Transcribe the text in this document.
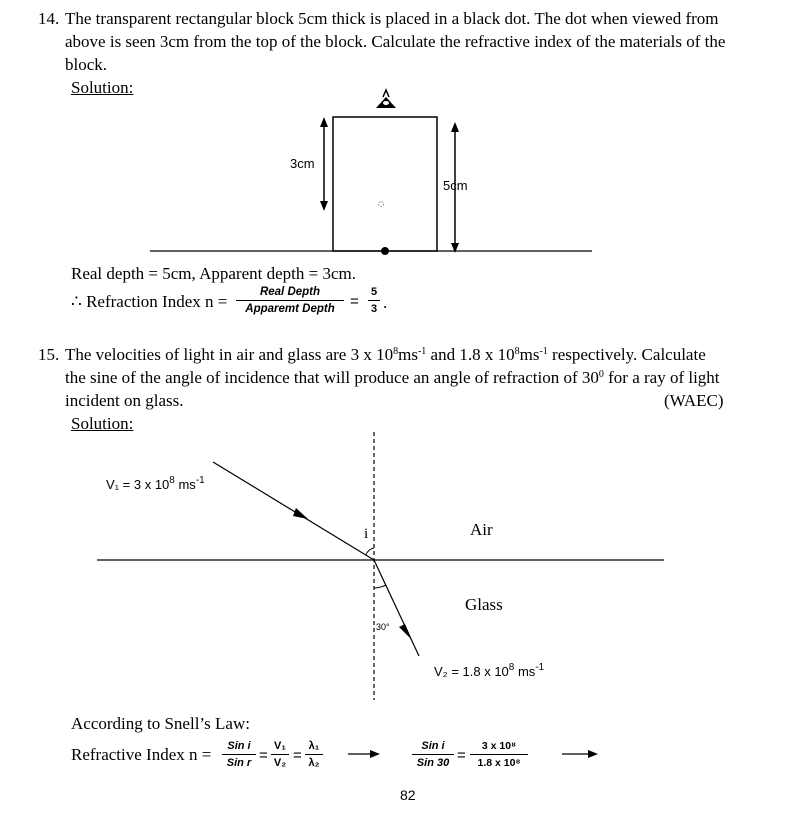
14. The transparent rectangular block 5cm thick is placed in a black dot. The dot when viewed from
above is seen 3cm from the top of the block. Calculate the refractive index of the materials of the
block.
Solution:
3cm
5cm
Real depth = 5cm, Apparent depth = 3cm.
∴ Refraction Index n =	Real Depth
Apparemt Depth	=
5
3 .
15. The velocities of light in air and glass are 3 x $10^8ms^{-1}$ and 1.8 x $10^8ms^{-1}$ respectively. Calculate
the sine of the angle of incidence that will produce an angle of refraction of $30^0$ for a ray of light
incident on glass.	(WAEC)
Solution:
V₁ = 3 x $10^8$ $ms^{-1}$
Air
i
Glass
30°
V₂ = 1.8 x $10^8$ $ms^{-1}$
According to Snell’s Law:
Refractive Index n =	Sin i
Sin r =
V₁
V₂ =
λ₁
λ₂
Sin i
Sin 30 =
3 x 10⁸
1.8 x 10⁸
82
